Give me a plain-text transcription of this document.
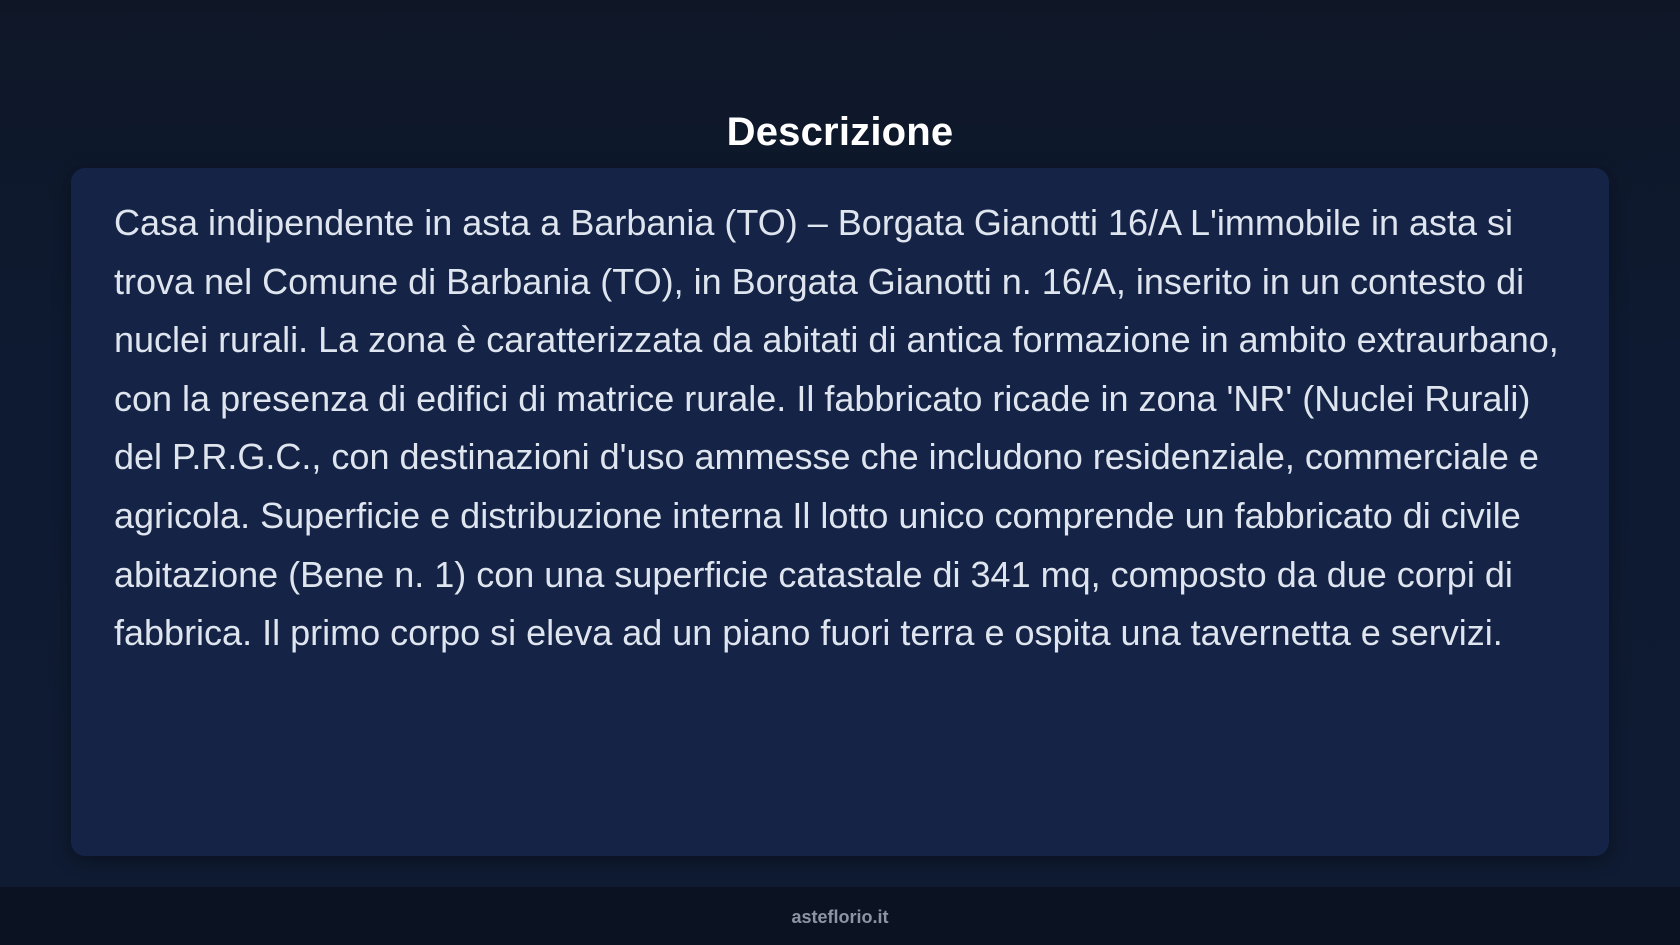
Descrizione

Casa indipendente in asta a Barbania (TO) – Borgata Gianotti 16/A L'immobile in asta si trova nel Comune di Barbania (TO), in Borgata Gianotti n. 16/A, inserito in un contesto di nuclei rurali. La zona è caratterizzata da abitati di antica formazione in ambito extraurbano, con la presenza di edifici di matrice rurale. Il fabbricato ricade in zona 'NR' (Nuclei Rurali) del P.R.G.C., con destinazioni d'uso ammesse che includono residenziale, commerciale e agricola. Superficie e distribuzione interna Il lotto unico comprende un fabbricato di civile abitazione (Bene n. 1) con una superficie catastale di 341 mq, composto da due corpi di fabbrica. Il primo corpo si eleva ad un piano fuori terra e ospita una tavernetta e servizi.

asteflorio.it
